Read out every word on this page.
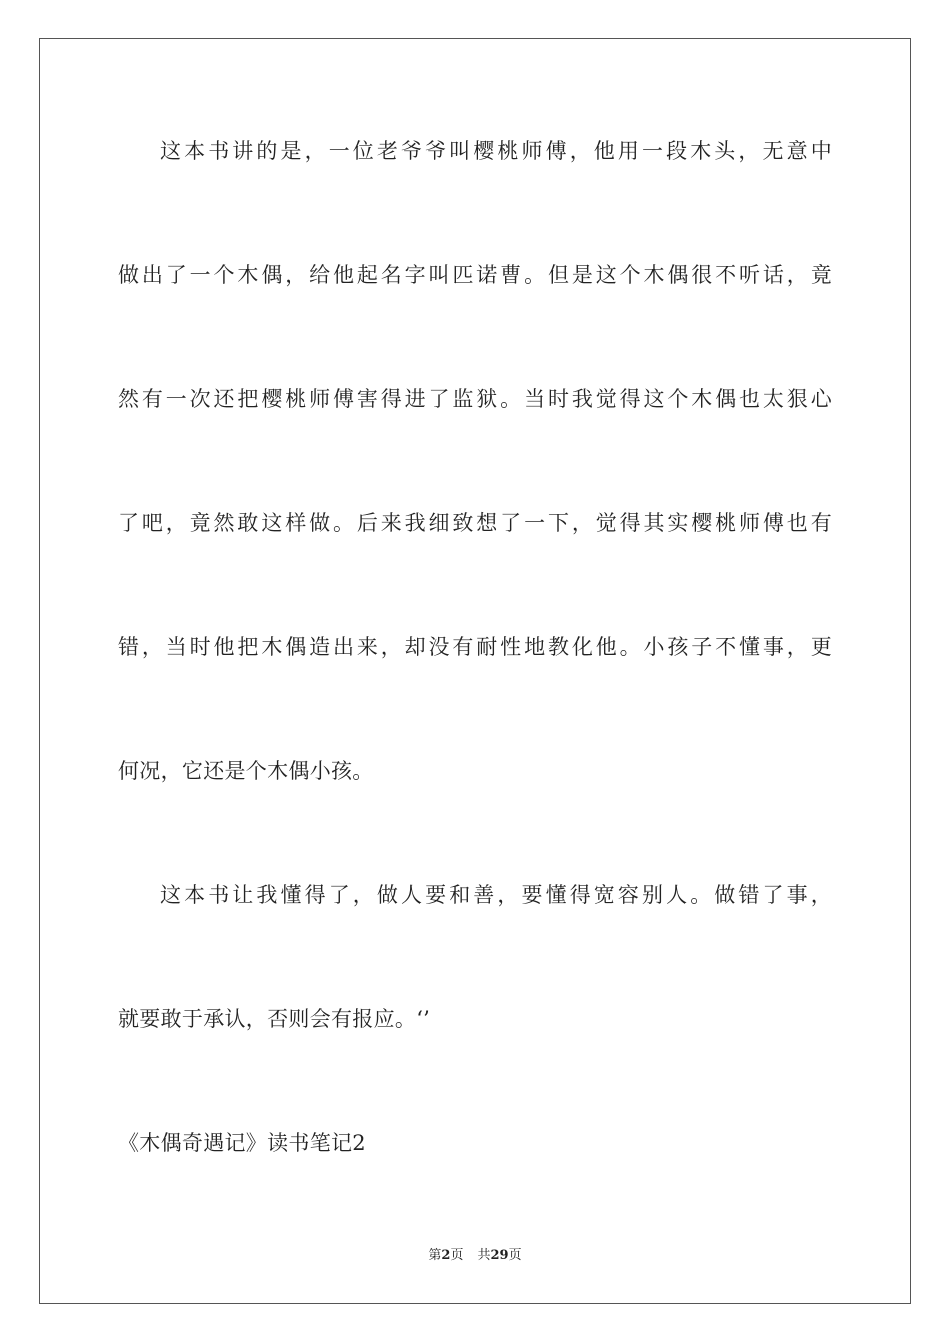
这本书讲的是，一位老爷爷叫樱桃师傅，他用一段木头，无意中
做出了一个木偶，给他起名字叫匹诺曹。但是这个木偶很不听话，竟
然有一次还把樱桃师傅害得进了监狱。当时我觉得这个木偶也太狠心
了吧，竟然敢这样做。后来我细致想了一下，觉得其实樱桃师傅也有
错，当时他把木偶造出来，却没有耐性地教化他。小孩子不懂事，更
何况，它还是个木偶小孩。
这本书让我懂得了，做人要和善，要懂得宽容别人。做错了事，
就要敢于承认，否则会有报应。‘’
《木偶奇遇记》读书笔记2
第2页 共29页
